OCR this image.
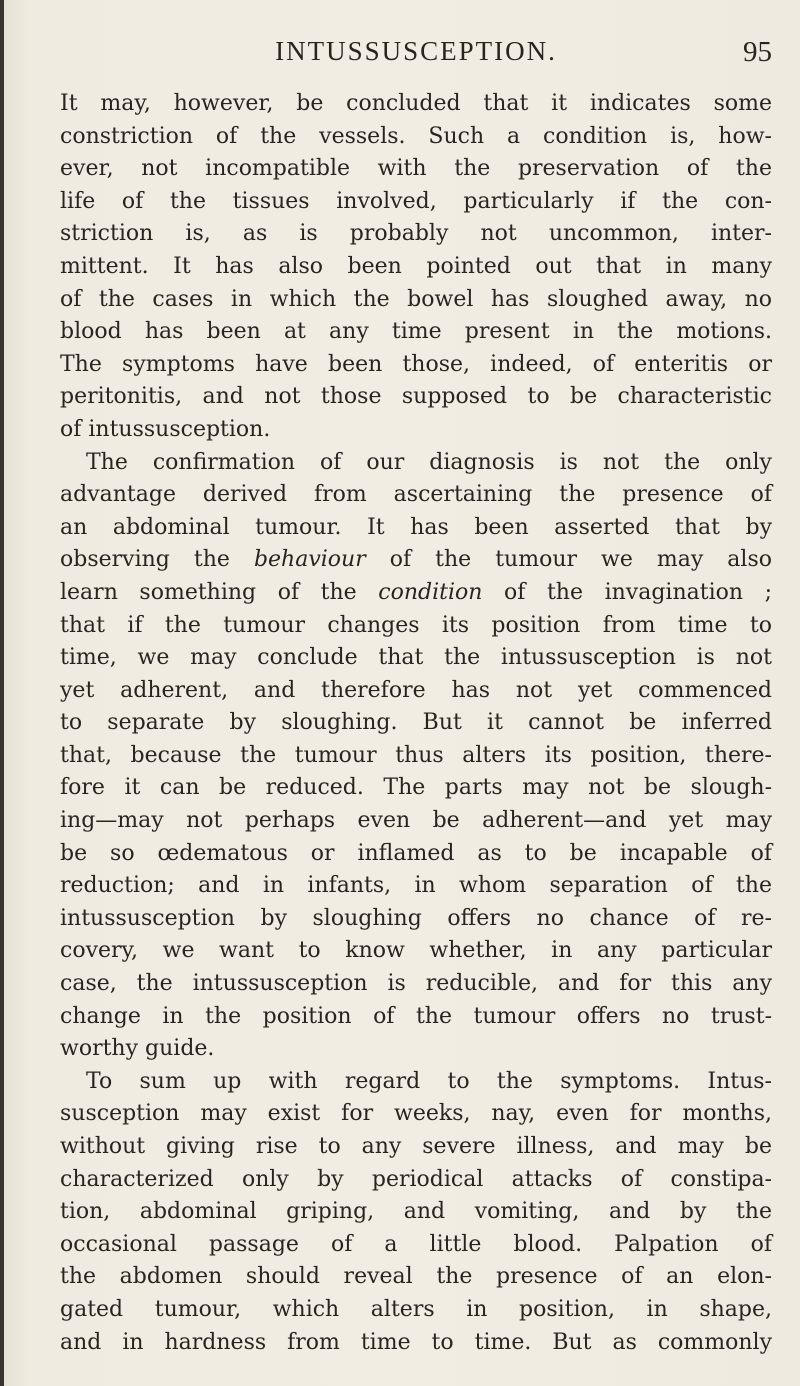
INTUSSUSCEPTION.	95
It may, however, be concluded that it indicates some
constriction of the vessels. Such a condition is, how-
ever, not incompatible with the preservation of the
life of the tissues involved, particularly if the con-
striction is, as is probably not uncommon, inter-
mittent. It has also been pointed out that in many
of the cases in which the bowel has sloughed away, no
blood has been at any time present in the motions.
The symptoms have been those, indeed, of enteritis or
peritonitis, and not those supposed to be characteristic
of intussusception.
The confirmation of our diagnosis is not the only
advantage derived from ascertaining the presence of
an abdominal tumour. It has been asserted that by
observing the behaviour of the tumour we may also
learn something of the condition of the invagination ;
that if the tumour changes its position from time to
time, we may conclude that the intussusception is not
yet adherent, and therefore has not yet commenced
to separate by sloughing. But it cannot be inferred
that, because the tumour thus alters its position, there-
fore it can be reduced. The parts may not be slough-
ing—may not perhaps even be adherent—and yet may
be so œdematous or inflamed as to be incapable of
reduction; and in infants, in whom separation of the
intussusception by sloughing offers no chance of re-
covery, we want to know whether, in any particular
case, the intussusception is reducible, and for this any
change in the position of the tumour offers no trust-
worthy guide.
To sum up with regard to the symptoms. Intus-
susception may exist for weeks, nay, even for months,
without giving rise to any severe illness, and may be
characterized only by periodical attacks of constipa-
tion, abdominal griping, and vomiting, and by the
occasional passage of a little blood. Palpation of
the abdomen should reveal the presence of an elon-
gated tumour, which alters in position, in shape,
and in hardness from time to time. But as commonly
